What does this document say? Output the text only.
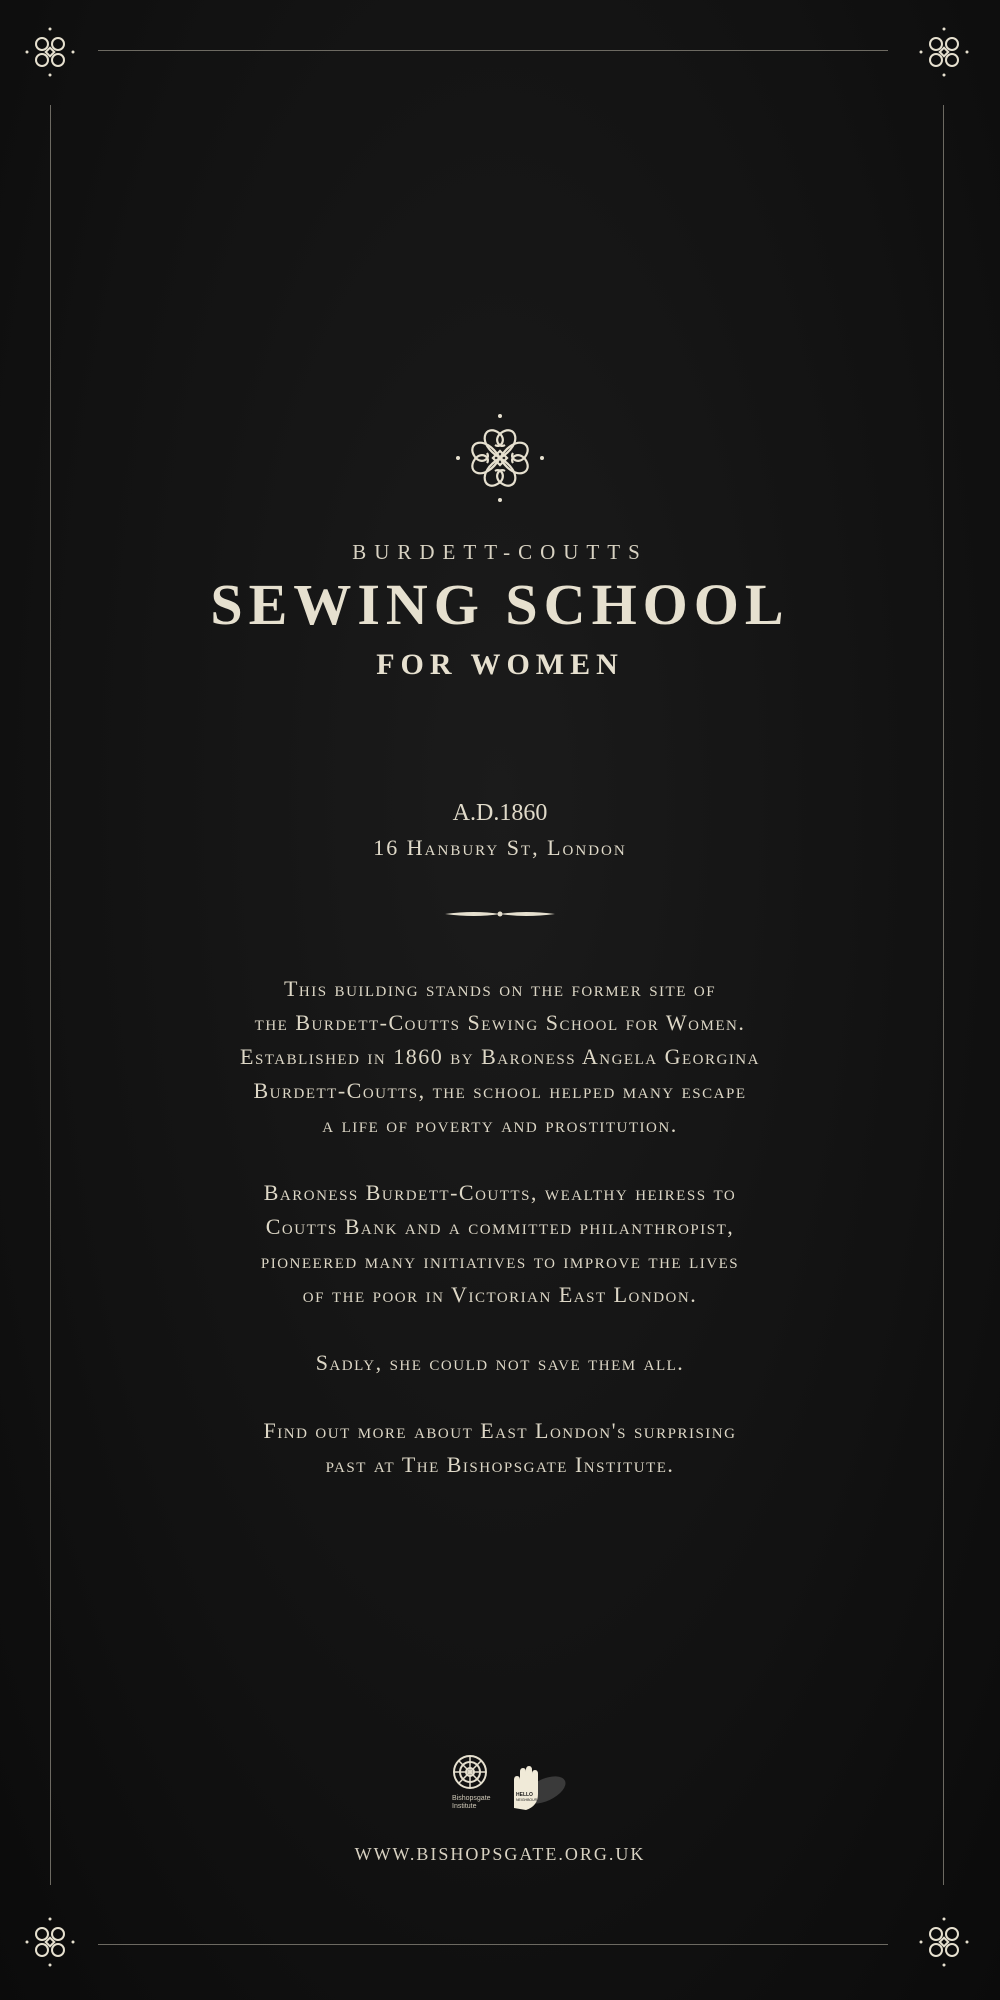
BURDETT-COUTTS
SEWING SCHOOL
FOR WOMEN
A.D.1860
16 Hanbury St, London

This building stands on the former site of
the Burdett-Coutts Sewing School for Women.
Established in 1860 by Baroness Angela Georgina
Burdett-Coutts, the school helped many escape
a life of poverty and prostitution.

Baroness Burdett-Coutts, wealthy heiress to
Coutts Bank and a committed philanthropist,
pioneered many initiatives to improve the lives
of the poor in Victorian East London.

Sadly, she could not save them all.

Find out more about East London's surprising
past at The Bishopsgate Institute.

Bishopsgate
Institute
HELLO
NEIGHBOUR
WWW.BISHOPSGATE.ORG.UK
